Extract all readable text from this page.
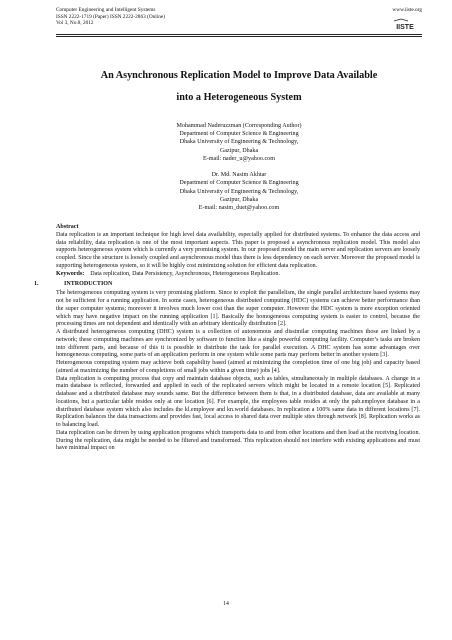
Computer Engineering and Intelligent Systems
ISSN 2222-1719 (Paper) ISSN 2222-2863 (Online)
Vol 3, No.8, 2012
www.iiste.org
IISTE
An Asynchronous Replication Model to Improve Data Available
into a Heterogeneous System
Mohammad Naderuzzman (Corresponding Author)
Department of Computer Science & Engineering
Dhaka University of Engineering & Technology,
Gazipur, Dhaka
E-mail: nader_u@yahoo.com
Dr. Md. Nasim Akhtar
Department of Computer Science & Engineering
Dhaka University of Engineering & Technology,
Gazipur, Dhaka
E-mail: nasim_duet@yahoo.com
Abstract

Data replication is an important technique for high level data availability, especially applied for distributed systems. To enhance the data access and data reliability, data replication is one of the most important aspects. This paper is proposed a asynchronous replication model. This model also supports heterogeneous system which is currently a very promising system. In our proposed model the main server and replication servers are loosely coupled. Since the structure is loosely coupled and asynchronous model thus there is less dependency on each server. Moreover the proposed model is supporting heterogeneous system, so it will be highly cost minimizing solution for efficient data replication.

Keywords: Data replication, Data Persistency, Asynchronous, Heterogeneous Replication.

1.	INTRODUCTION

The heterogeneous computing system is very promising platform. Since to exploit the parallelism, the single parallel architecture based systems may not be sufficient for a running application. In some cases, heterogeneous distributed computing (HDC) systems can achieve better performance than the super computer systems; moreover it involves much lower cost than the super computer. However the HDC system is more exception oriented which may have negative impact on the running application [1]. Basically the homogeneous computing system is easier to control, because the processing times are not dependent and identically with an arbitrary identically distribution [2].

A distributed heterogeneous computing (DHC) system is a collection of autonomous and dissimilar computing machines those are linked by a network; these computing machines are synchronized by software to function like a single powerful computing facility. Computer’s tasks are broken into different parts, and because of this it is possible to distribute the task for parallel execution. A DHC system has some advantages over homogeneous computing, some parts of an application perform in one system while some parts may perform better in another system [3].

Heterogeneous computing system may achieve both capability based (aimed at minimizing the completion time of one big job) and capacity based (aimed at maximizing the number of completions of small jobs within a given time) jobs [4].

Data replication is computing process that copy and maintain database objects, such as tables, simultaneously in multiple databases. A change in a main database is reflected, forwarded and applied in each of the replicated servers which might be located in a remote location [5]. Replicated database and a distributed database may sounds same. But the difference between them is that, in a distributed database, data are available at many locations, but a particular table resides only at one location [6]. For example, the employees table resides at only the pab.employee database in a distributed database system which also includes the kl.employee and kn.world databases. In replication a 100% same data in different locations [7]. Replication balances the data transactions and provides fast, local access to shared data over multiple sites through network [8]. Replication works as to balancing load.

Data replication can be driven by using application programs which transports data to and from other locations and then load at the receiving location. During the replication, data might be needed to be filtered and transformed. This replication should not interfere with existing applications and must have minimal impact on

14
